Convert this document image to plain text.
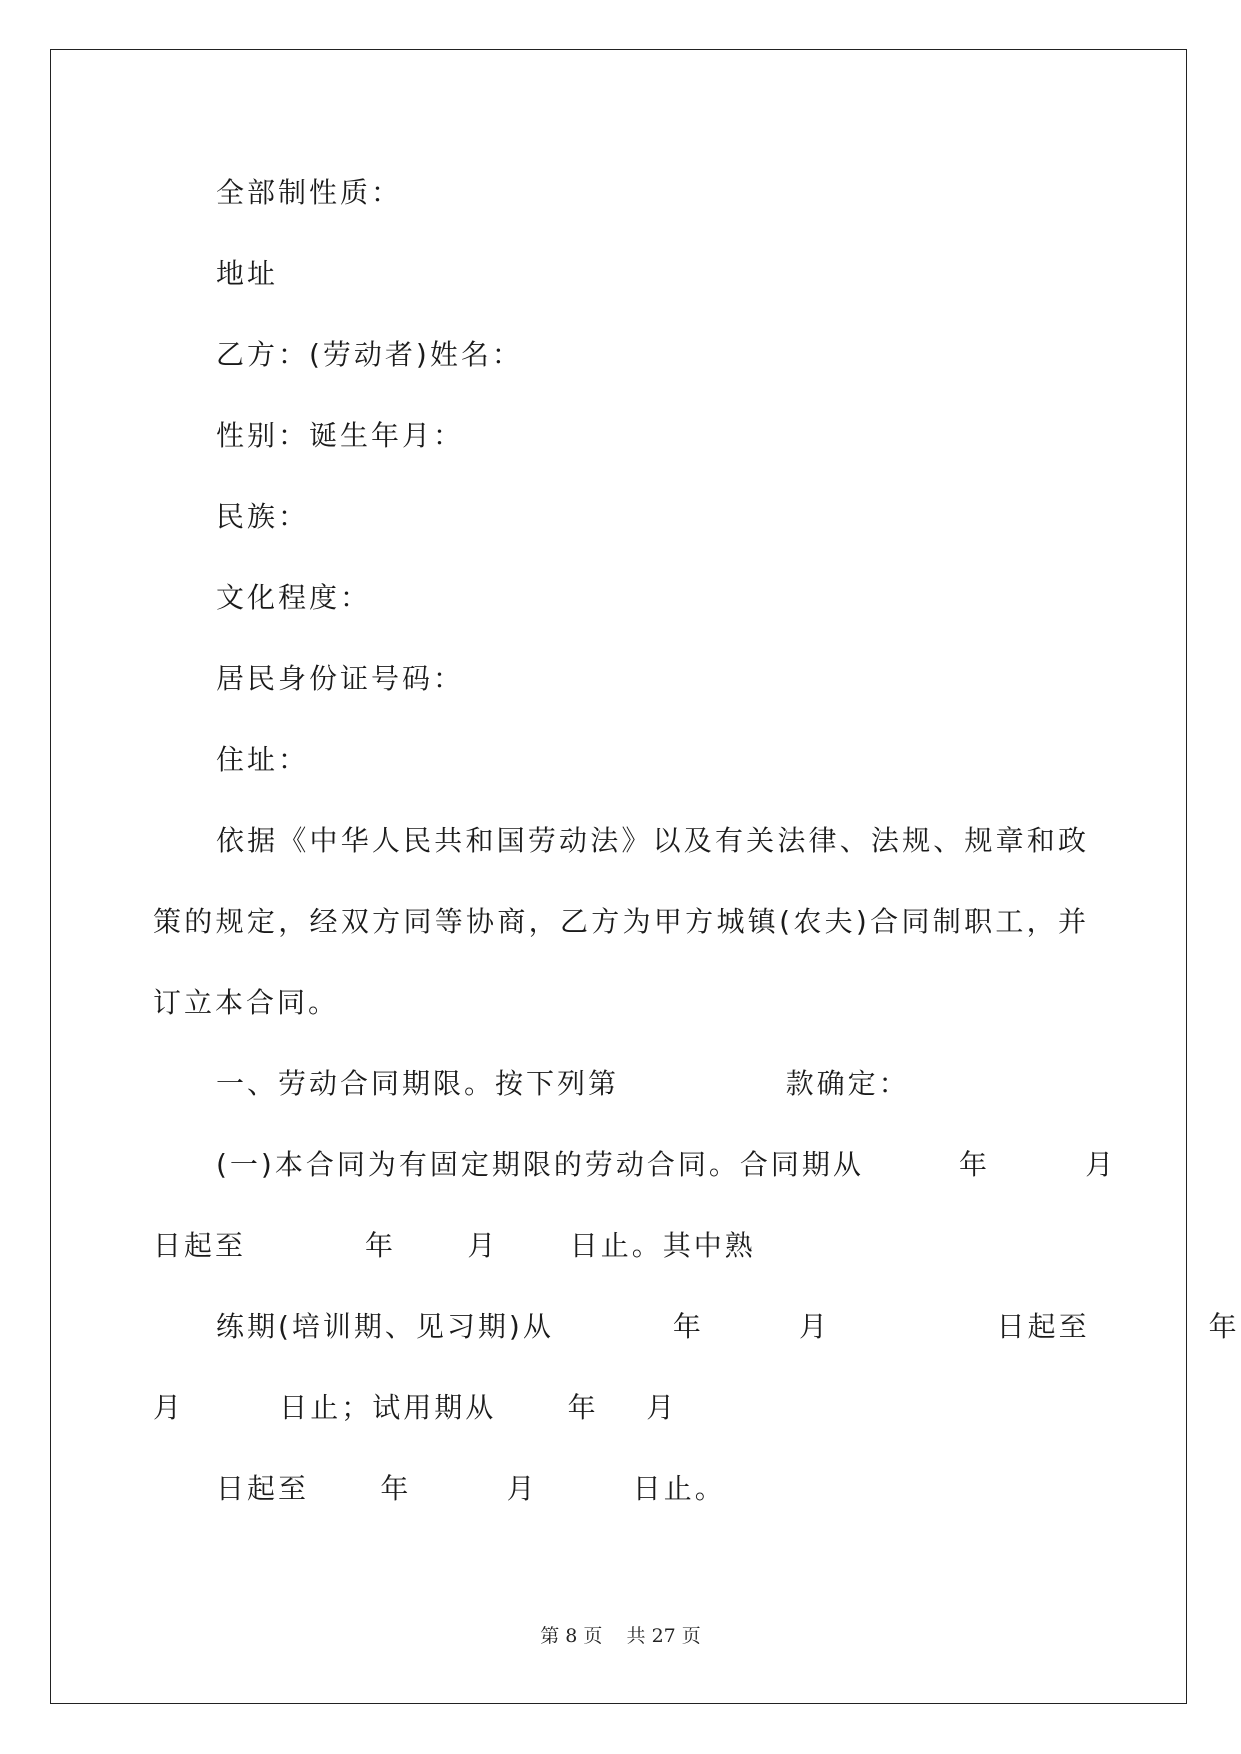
全部制性质：
地址
乙方：(劳动者)姓名：
性别：诞生年月：
民族：
文化程度：
居民身份证号码：
住址：
依据《中华人民共和国劳动法》以及有关法律、法规、规章和政
策的规定，经双方同等协商，乙方为甲方城镇(农夫)合同制职工，并
订立本合同。
一、劳动合同期限。按下列第              款确定：
(一)本合同为有固定期限的劳动合同。合同期从        年        月
日起至          年      月      日止。其中熟
练期(培训期、见习期)从          年        月              日起至          年
月        日止；试用期从      年    月
日起至      年        月        日止。
第 8 页    共 27 页
